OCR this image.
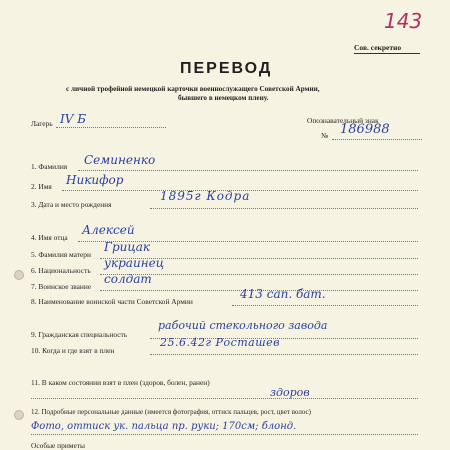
143
Сов. секретно
ПЕРЕВОД
с личной трофейной немецкой карточки военнослужащего Советской Армии,
бывшего в немецком плену.
Лагерь IV Б	Опознавательный знак
№ 186988
1. Фамилия Семиненко
2. Имя Никифор
3. Дата и место рождения
1895г Кодра
4. Имя отца
Алексей
5. Фамилия матери
Грицак
6. Национальность
украинец
7. Воинское звание
солдат
8. Наименование воинской части Советской Армии
413 сап. бат.
9. Гражданская специальность
рабочий стекольного завода
10. Когда и где взят в плен
25.6.42г Росташев
11. В каком состоянии взят в плен (здоров, болен, ранен)
здоров
12. Подробные персональные данные (имеется фотография, оттиск пальцев, рост, цвет волос)
Фото, оттиск ук. пальца пр. руки; 170см; блонд.
Особые приметы
